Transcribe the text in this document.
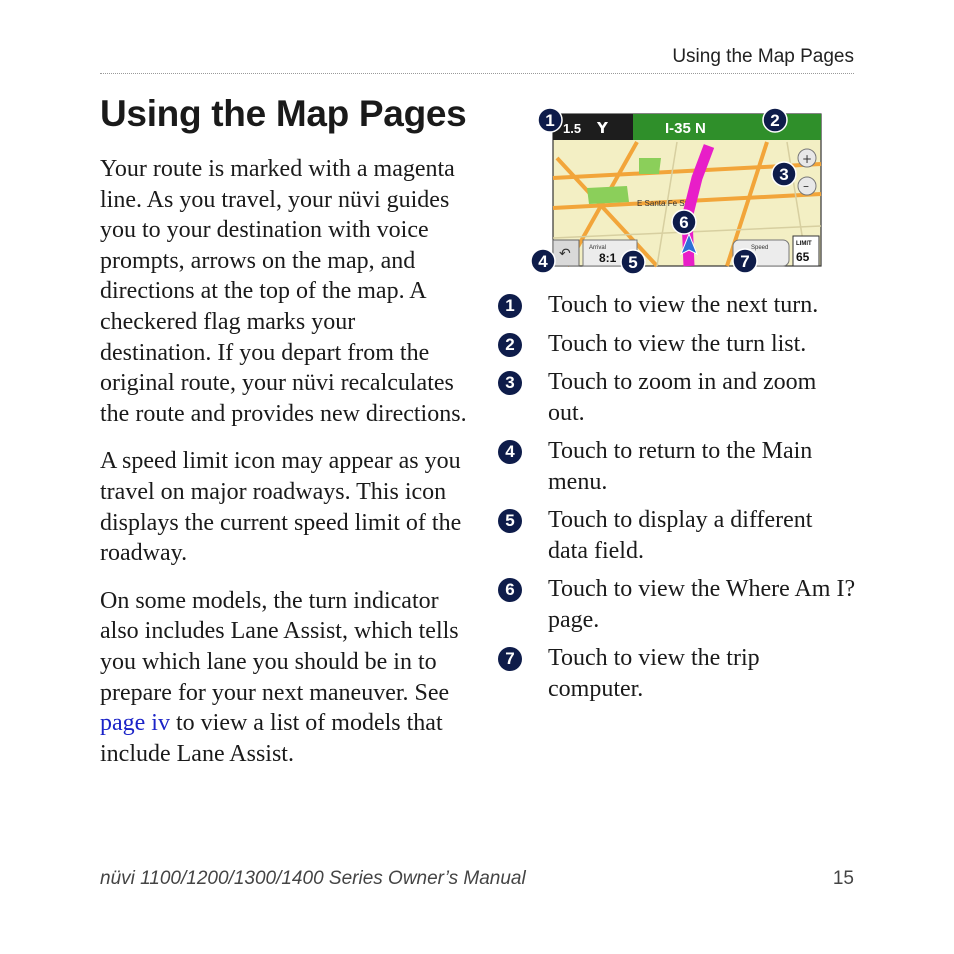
Using the Map Pages
Using the Map Pages

Your route is marked with a magenta line. As you travel, your nüvi guides you to your destination with voice prompts, arrows on the map, and directions at the top of the map. A checkered flag marks your destination. If you depart from the original route, your nüvi recalculates the route and provides new directions.

A speed limit icon may appear as you travel on major roadways. This icon displays the current speed limit of the roadway.

On some models, the turn indicator also includes Lane Assist, which tells you which lane you should be in to prepare for your next maneuver. See page iv to view a list of models that include Lane Assist.

1.5 Y	I-35 N
E Santa Fe St
+
–
↶	Arrival
8:1
Speed
LIMIT
65
1	2
3
4	5
6
7
1	Touch to view the next turn.
2	Touch to view the turn list.
3	Touch to zoom in and zoom out.
4	Touch to return to the Main menu.
5	Touch to display a different data field.
6	Touch to view the Where Am I? page.
7	Touch to view the trip computer.
nüvi 1100/1200/1300/1400 Series Owner’s Manual	15
